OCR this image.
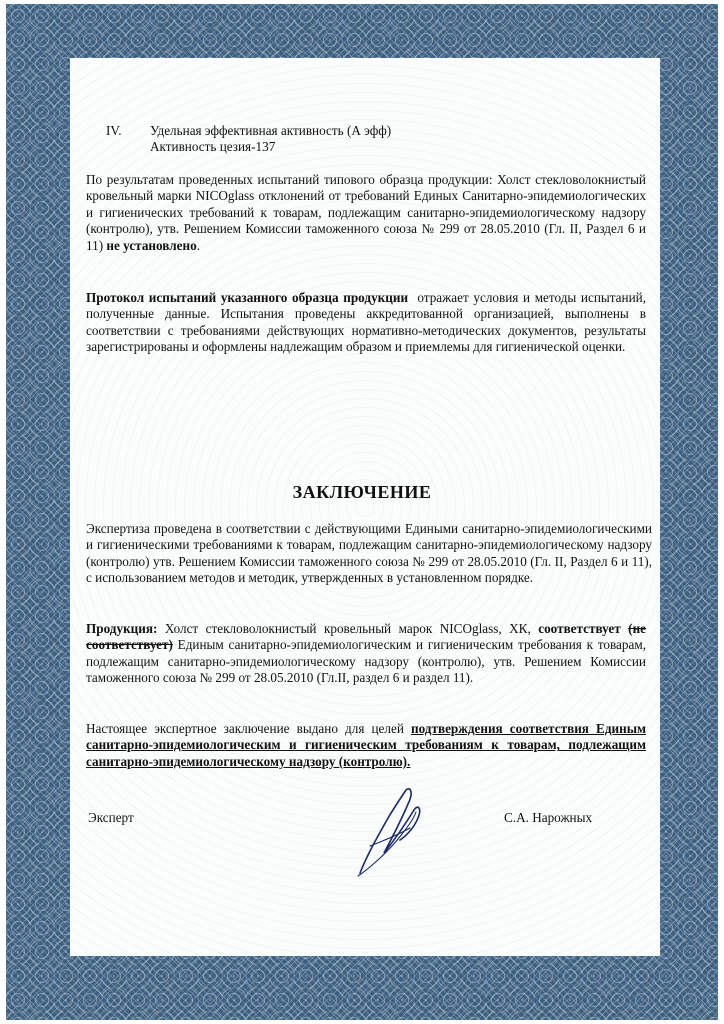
IV. Удельная эффективная активность (А эфф)
Активность цезия-137
По результатам проведенных испытаний типового образца продукции: Холст стекловолокнистый кровельный марки NICOglass отклонений от требований Единых Санитарно-эпидемиологических и гигиенических требований к товарам, подлежащим санитарно-эпидемиологическому надзору (контролю), утв. Решением Комиссии таможенного союза № 299 от 28.05.2010 (Гл. II, Раздел 6 и 11) не установлено.
Протокол испытаний указанного образца продукции отражает условия и методы испытаний, полученные данные. Испытания проведены аккредитованной организацией, выполнены в соответствии с требованиями действующих нормативно-методических документов, результаты зарегистрированы и оформлены надлежащим образом и приемлемы для гигиенической оценки.
ЗАКЛЮЧЕНИЕ
Экспертиза проведена в соответствии с действующими Едиными санитарно-эпидемиологическими и гигиеническими требованиями к товарам, подлежащим санитарно-эпидемиологическому надзору (контролю) утв. Решением Комиссии таможенного союза № 299 от 28.05.2010 (Гл. II, Раздел 6 и 11), с использованием методов и методик, утвержденных в установленном порядке.
Продукция: Холст стекловолокнистый кровельный марок NICOglass, ХК, соответствует (не соответствует) Единым санитарно-эпидемиологическим и гигиеническим требования к товарам, подлежащим санитарно-эпидемиологическому надзору (контролю), утв. Решением Комиссии таможенного союза № 299 от 28.05.2010 (Гл.II, раздел 6 и раздел 11).
Настоящее экспертное заключение выдано для целей подтверждения соответствия Единым санитарно-эпидемиологическим и гигиеническим требованиям к товарам, подлежащим санитарно-эпидемиологическому надзору (контролю).
Эксперт	С.А. Нарожных
